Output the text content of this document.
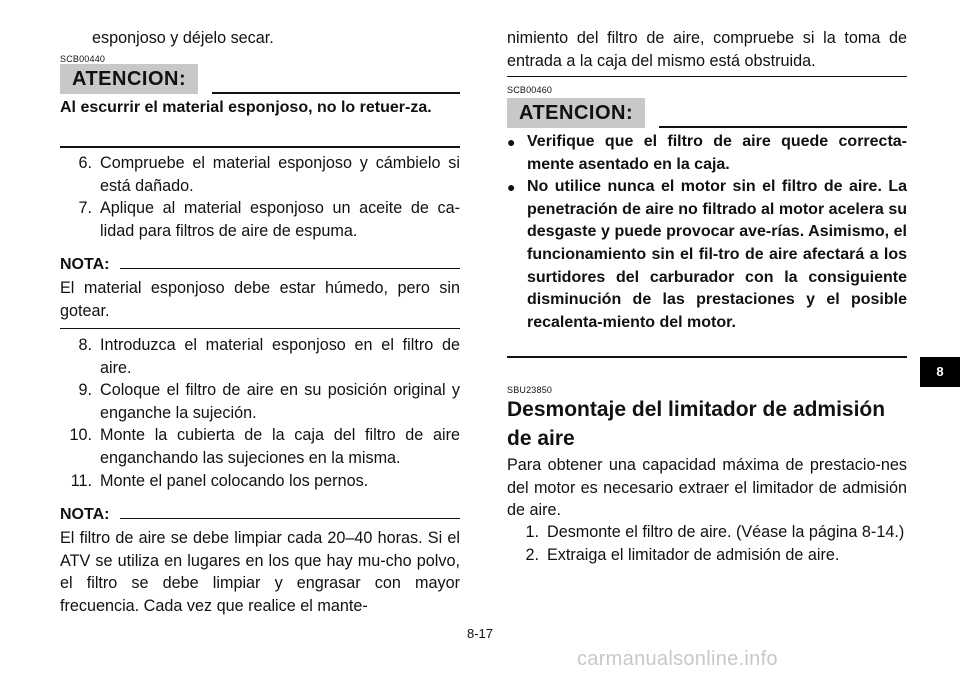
esponjoso y déjelo secar.

SCB00440
ATENCION:

Al escurrir el material esponjoso, no lo retuer-za.

6. Compruebe el material esponjoso y cámbielo si está dañado.
7. Aplique al material esponjoso un aceite de ca-lidad para filtros de aire de espuma.
NOTA:

El material esponjoso debe estar húmedo, pero sin gotear.

8. Introduzca el material esponjoso en el filtro de aire.
9. Coloque el filtro de aire en su posición original y enganche la sujeción.
10. Monte la cubierta de la caja del filtro de aire enganchando las sujeciones en la misma.
11. Monte el panel colocando los pernos.
NOTA:

El filtro de aire se debe limpiar cada 20–40 horas. Si el ATV se utiliza en lugares en los que hay mu-cho polvo, el filtro se debe limpiar y engrasar con mayor frecuencia. Cada vez que realice el mante-

nimiento del filtro de aire, compruebe si la toma de entrada a la caja del mismo está obstruida.

SCB00460
ATENCION:
● Verifique que el filtro de aire quede correcta-mente asentado en la caja.
● No utilice nunca el motor sin el filtro de aire. La penetración de aire no filtrado al motor acelera su desgaste y puede provocar ave-rías. Asimismo, el funcionamiento sin el fil-tro de aire afectará a los surtidores del carburador con la consiguiente disminución de las prestaciones y el posible recalenta-miento del motor.
SBU23850
Desmontaje del limitador de admisión de aire

Para obtener una capacidad máxima de prestacio-nes del motor es necesario extraer el limitador de admisión de aire.

1. Desmonte el filtro de aire. (Véase la página 8-14.)
2. Extraiga el limitador de admisión de aire.
8
8-17
carmanualsonline.info
